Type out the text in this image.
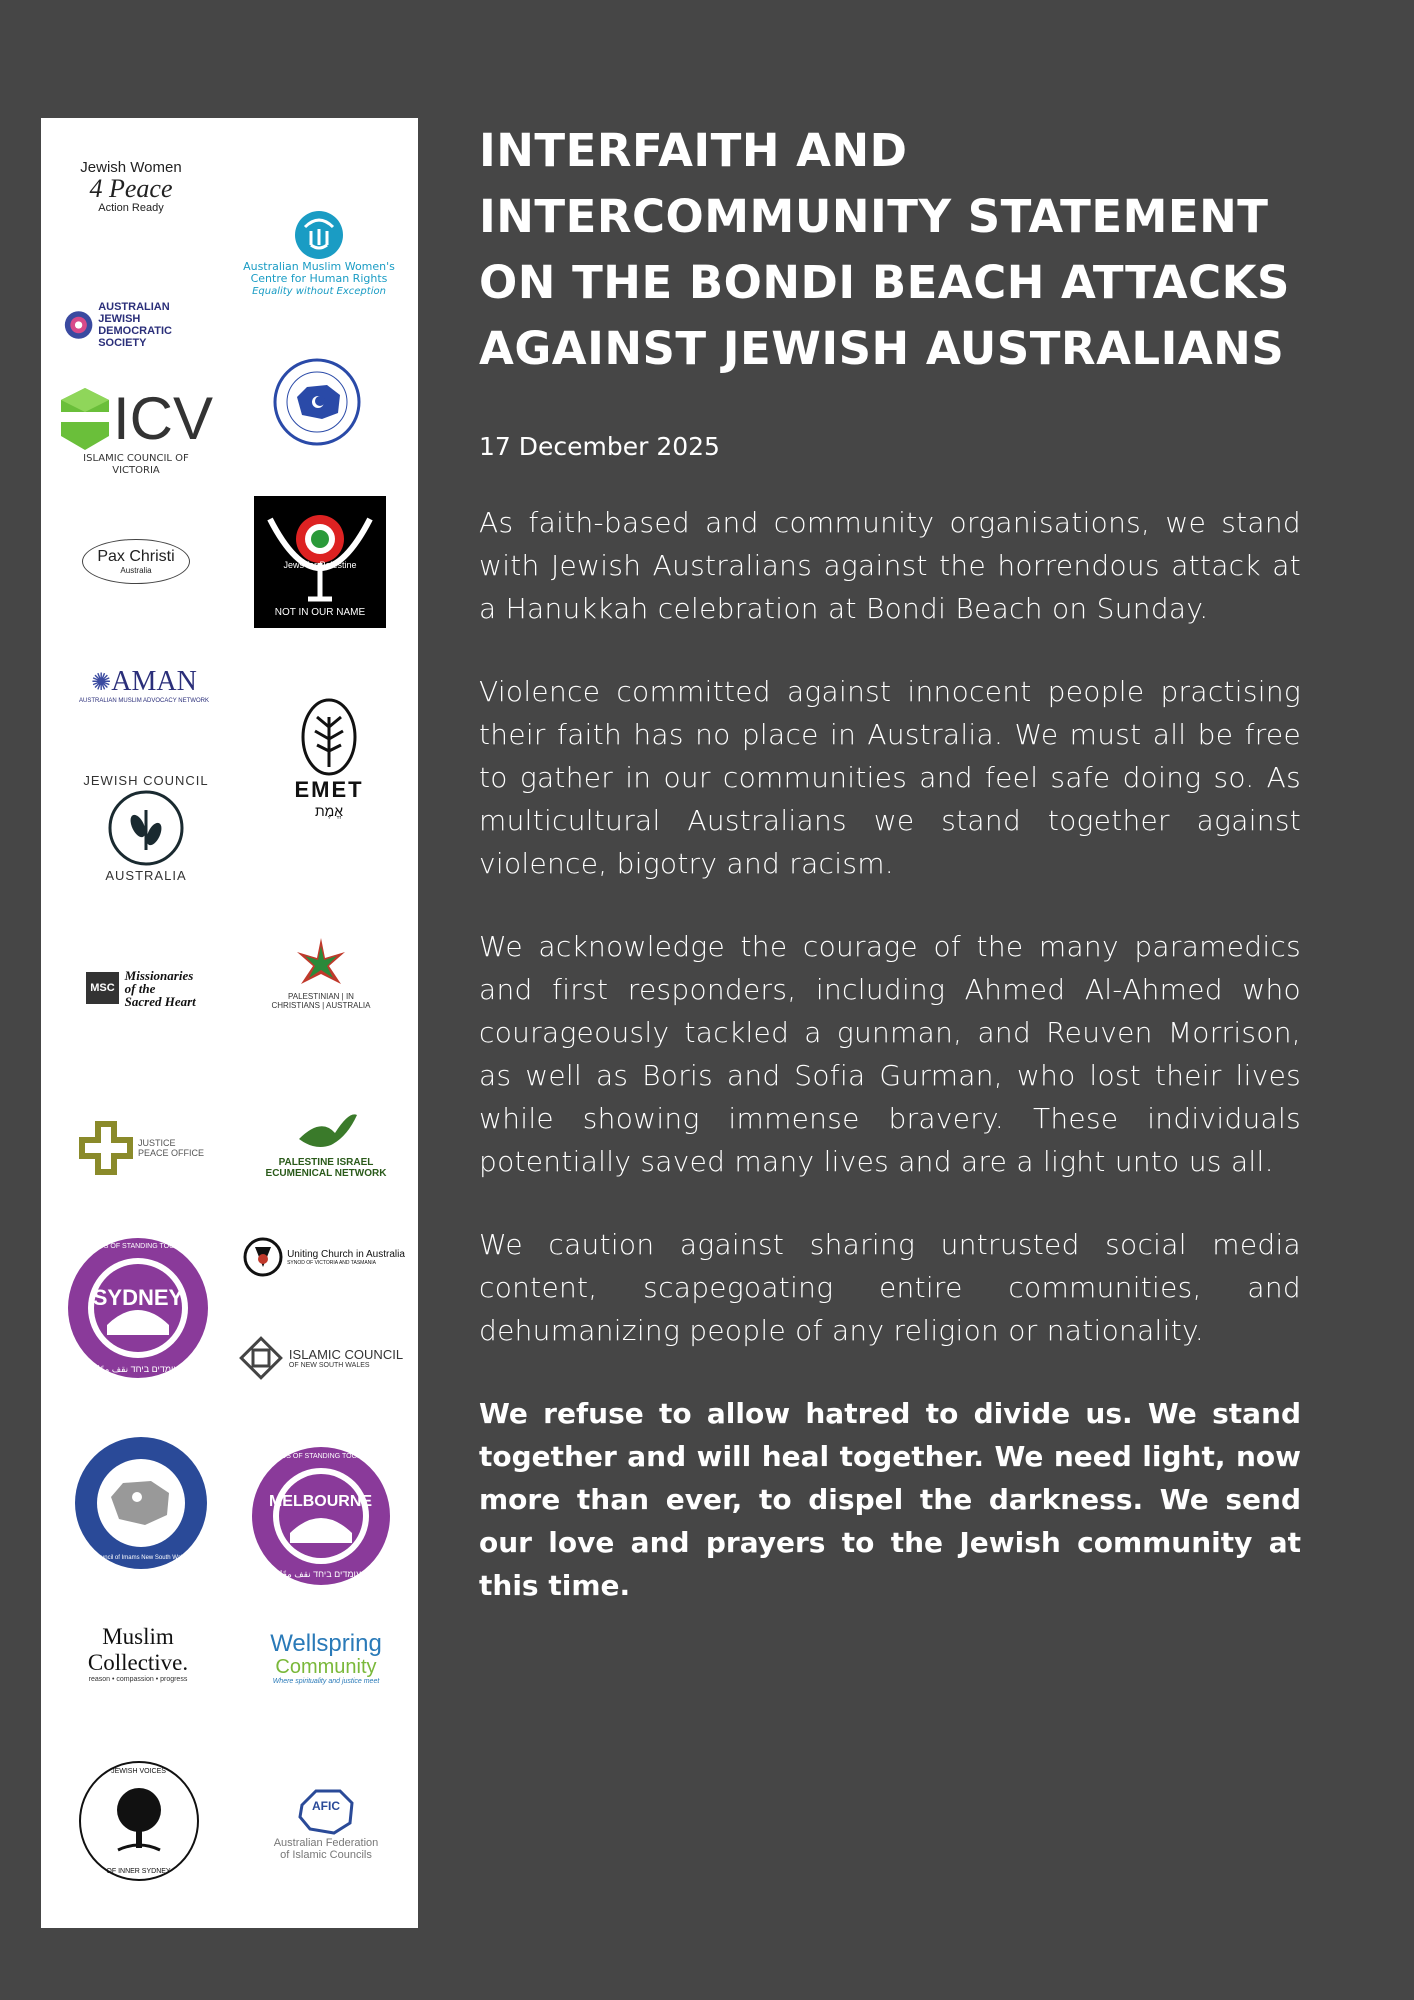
Jewish Women
4 Peace
Action Ready
Australian Muslim Women's
Centre for Human Rights
Equality without Exception
AUSTRALIAN JEWISH
DEMOCRATIC SOCIETY
ICV
ISLAMIC COUNCIL OF VICTORIA
Pax Christi
Australia	Jews for Palestine
NOT IN OUR NAME
✺ AMAN
AUSTRALIAN MUSLIM ADVOCACY NETWORK
EMET
אֱמֶת
JEWISH COUNCIL
AUSTRALIA
MSC
Missionaries
of the
Sacred Heart	PALESTINIAN | IN
CHRISTIANS | AUSTRALIA
JUSTICE
PEACE OFFICE
PALESTINE ISRAEL
ECUMENICAL NETWORK
FRIENDS OF STANDING TOGETHER
SYDNEY
עומדים ביחד نقف معًا
Uniting Church in Australia
SYNOD OF VICTORIA AND TASMANIA
ISLAMIC COUNCIL
OF NEW SOUTH WALES
Council of Imams New South Wales
FRIENDS OF STANDING TOGETHER
MELBOURNE
עומדים ביחד نقف معًا
Muslim
Collective.
reason • compassion • progress
Wellspring
Community
Where spirituality and justice meet
JEWISH VOICES
OF INNER SYDNEY
AFIC
Australian Federation
of Islamic Councils
INTERFAITH AND
INTERCOMMUNITY STATEMENT
ON THE BONDI BEACH ATTACKS
AGAINST JEWISH AUSTRALIANS
17 December 2025

As faith-based and community organisations, we stand with Jewish Australians against the horrendous attack at a Hanukkah celebration at Bondi Beach on Sunday.

Violence committed against innocent people practising their faith has no place in Australia. We must all be free to gather in our communities and feel safe doing so. As multicultural Australians we stand together against violence, bigotry and racism.

We acknowledge the courage of the many paramedics and first responders, including Ahmed Al-Ahmed who courageously tackled a gunman, and Reuven Morrison, as well as Boris and Sofia Gurman, who lost their lives while showing immense bravery. These individuals potentially saved many lives and are a light unto us all.

We caution against sharing untrusted social media content, scapegoating entire communities, and dehumanizing people of any religion or nationality.

We refuse to allow hatred to divide us. We stand together and will heal together. We need light, now more than ever, to dispel the darkness. We send our love and prayers to the Jewish community at this time.
